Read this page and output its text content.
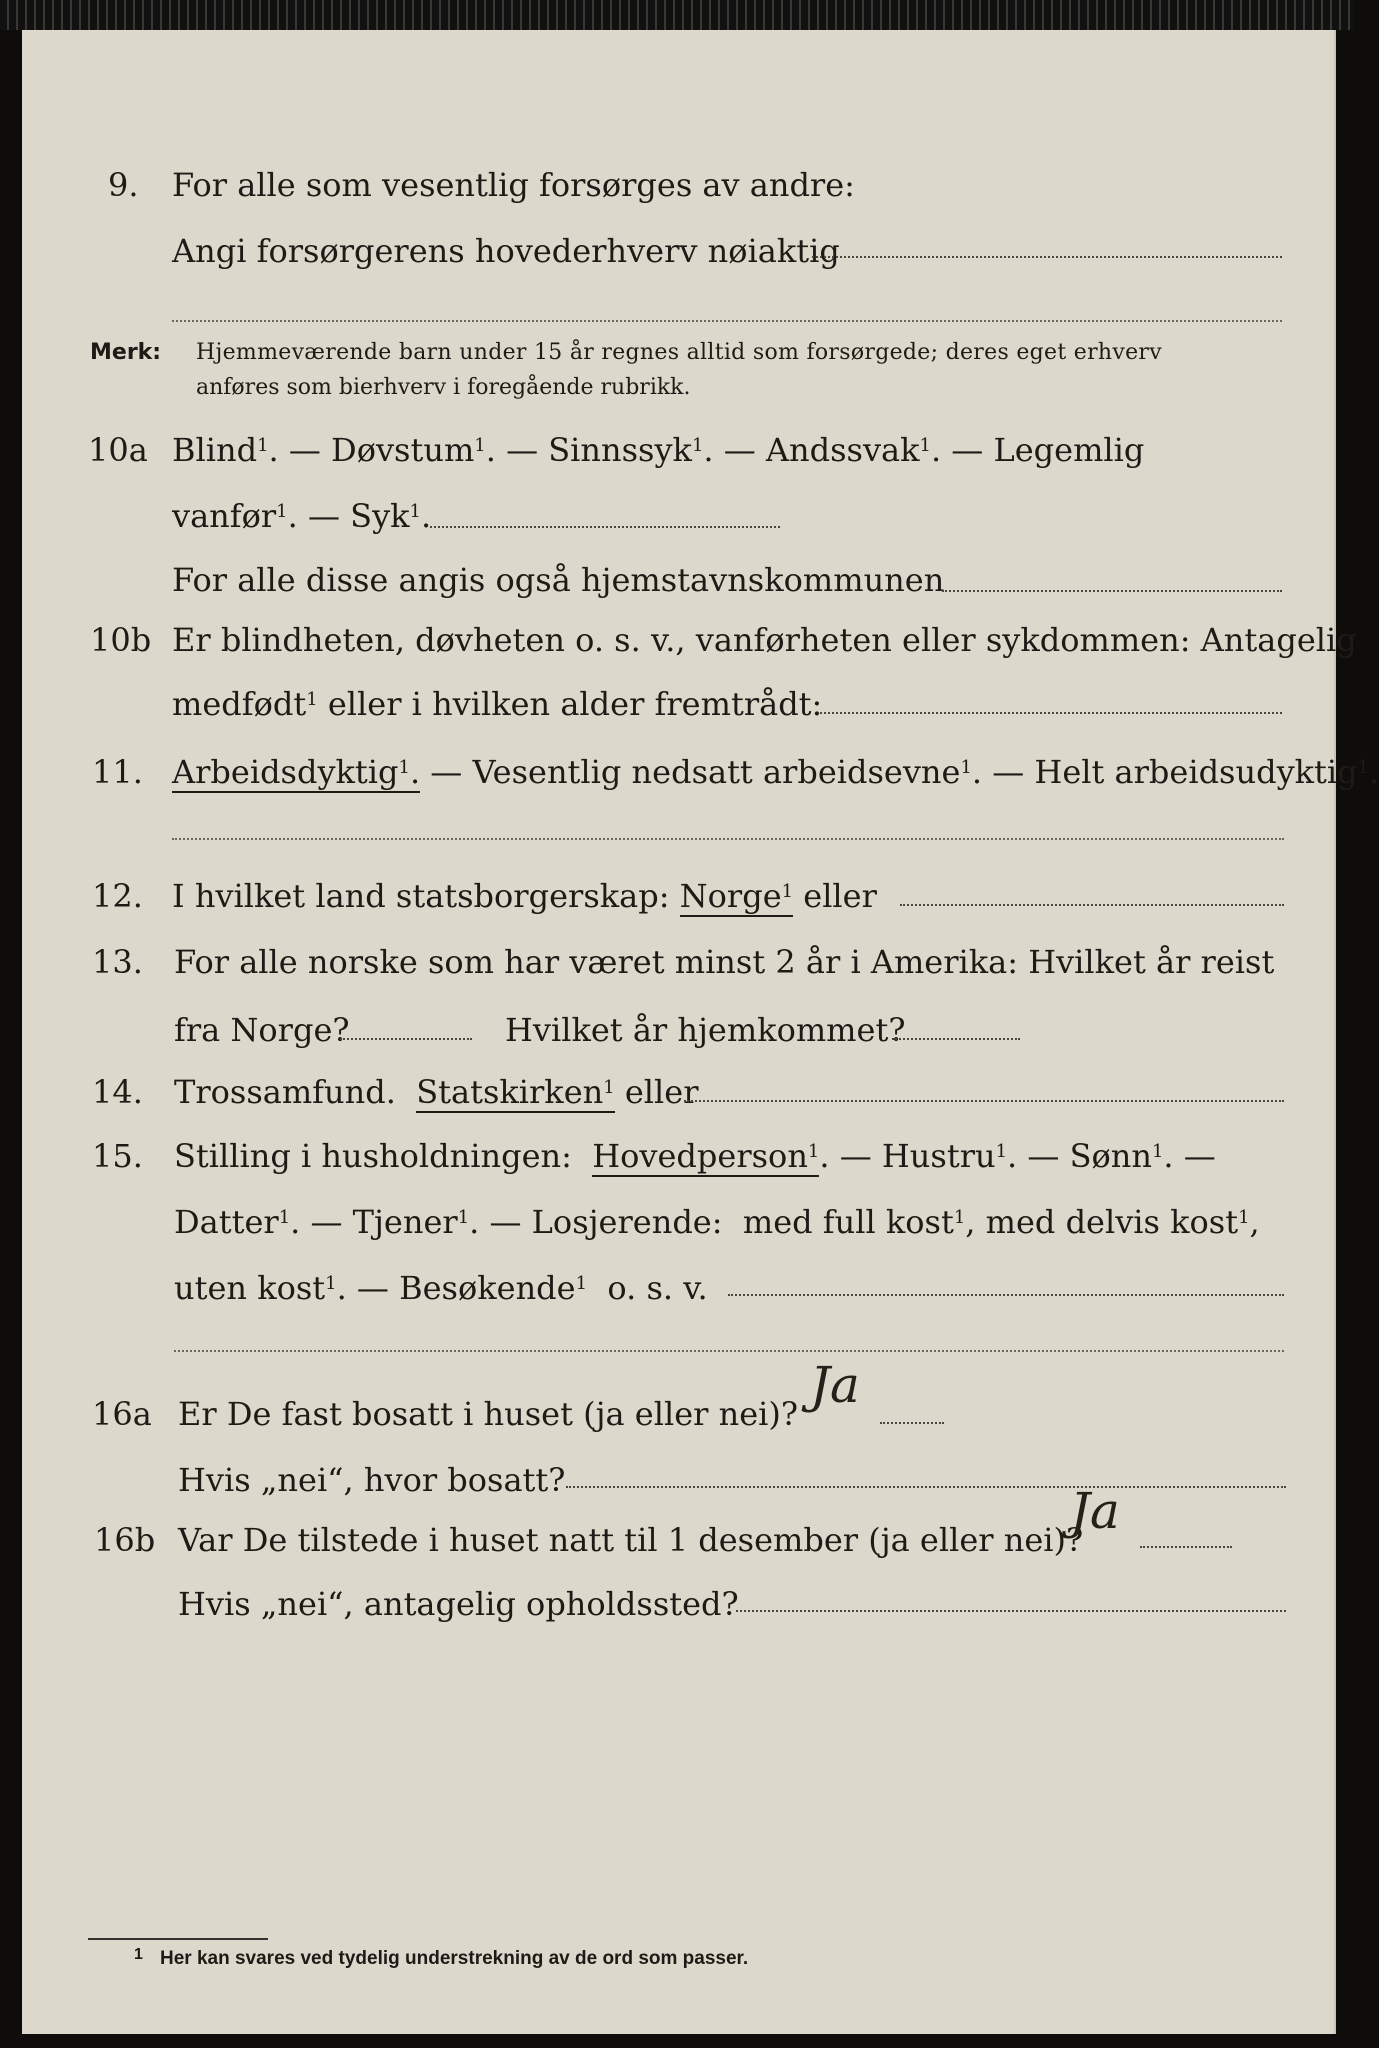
9. For alle som vesentlig forsørges av andre:
Angi forsørgerens hovederhverv nøiaktig
Merk: Hjemmeværende barn under 15 år regnes alltid som forsørgede; deres eget erhverv
anføres som bierhverv i foregående rubrikk.
10a Blind$^1$. — Døvstum$^1$. — Sinnssyk$^1$. — Andssvak$^1$. — Legemlig
vanfør$^1$. — Syk$^1$.
For alle disse angis også hjemstavnskommunen
10b Er blindheten, døvheten o. s. v., vanførheten eller sykdommen: Antagelig
medfødt$^1$ eller i hvilken alder fremtrådt:
11. Arbeidsdyktig$^1$. — Vesentlig nedsatt arbeidsevne$^1$. — Helt arbeidsudyktig$^1$.
12. I hvilket land statsborgerskap: Norge$^1$ eller
13. For alle norske som har været minst 2 år i Amerika: Hvilket år reist
fra Norge?	Hvilket år hjemkommet?
14. Trossamfund. Statskirken$^1$ eller
15. Stilling i husholdningen: Hovedperson$^1$. — Hustru$^1$. — Sønn$^1$. —
Datter$^1$. — Tjener$^1$. — Losjerende: med full kost$^1$, med delvis kost$^1$,
uten kost$^1$. — Besøkende$^1$ o. s. v.
16a Er De fast bosatt i huset (ja eller nei)? Ja
Hvis „nei“, hvor bosatt?
16b Var De tilstede i huset natt til 1 desember (ja eller nei)?
Ja
Hvis „nei“, antagelig opholdssted?
1 Her kan svares ved tydelig understrekning av de ord som passer.
